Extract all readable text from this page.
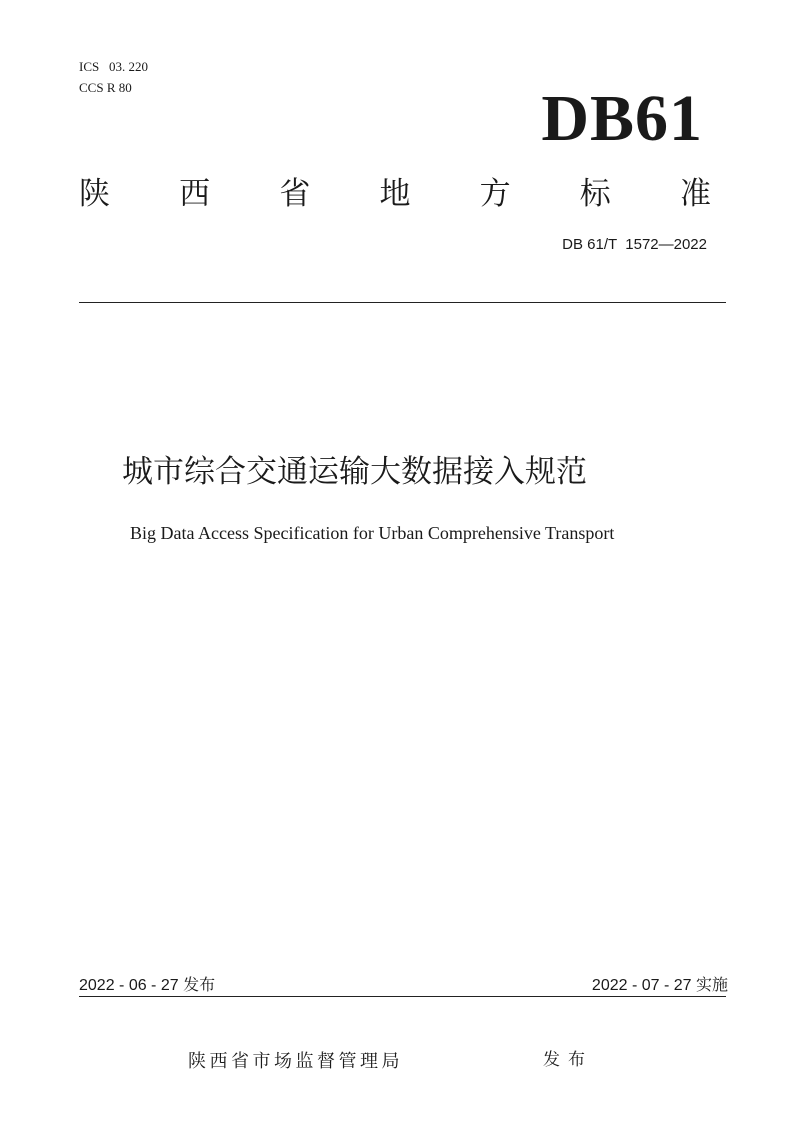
ICS   03. 220
CCS R 80	DB61
陕 西 省 地 方 标 准
DB 61/T  1572—2022
城市综合交通运输大数据接入规范
Big Data Access Specification for Urban Comprehensive Transport
2022 - 06 - 27 发布	2022 - 07 - 27 实施
陕西省市场监督管理局	发布
